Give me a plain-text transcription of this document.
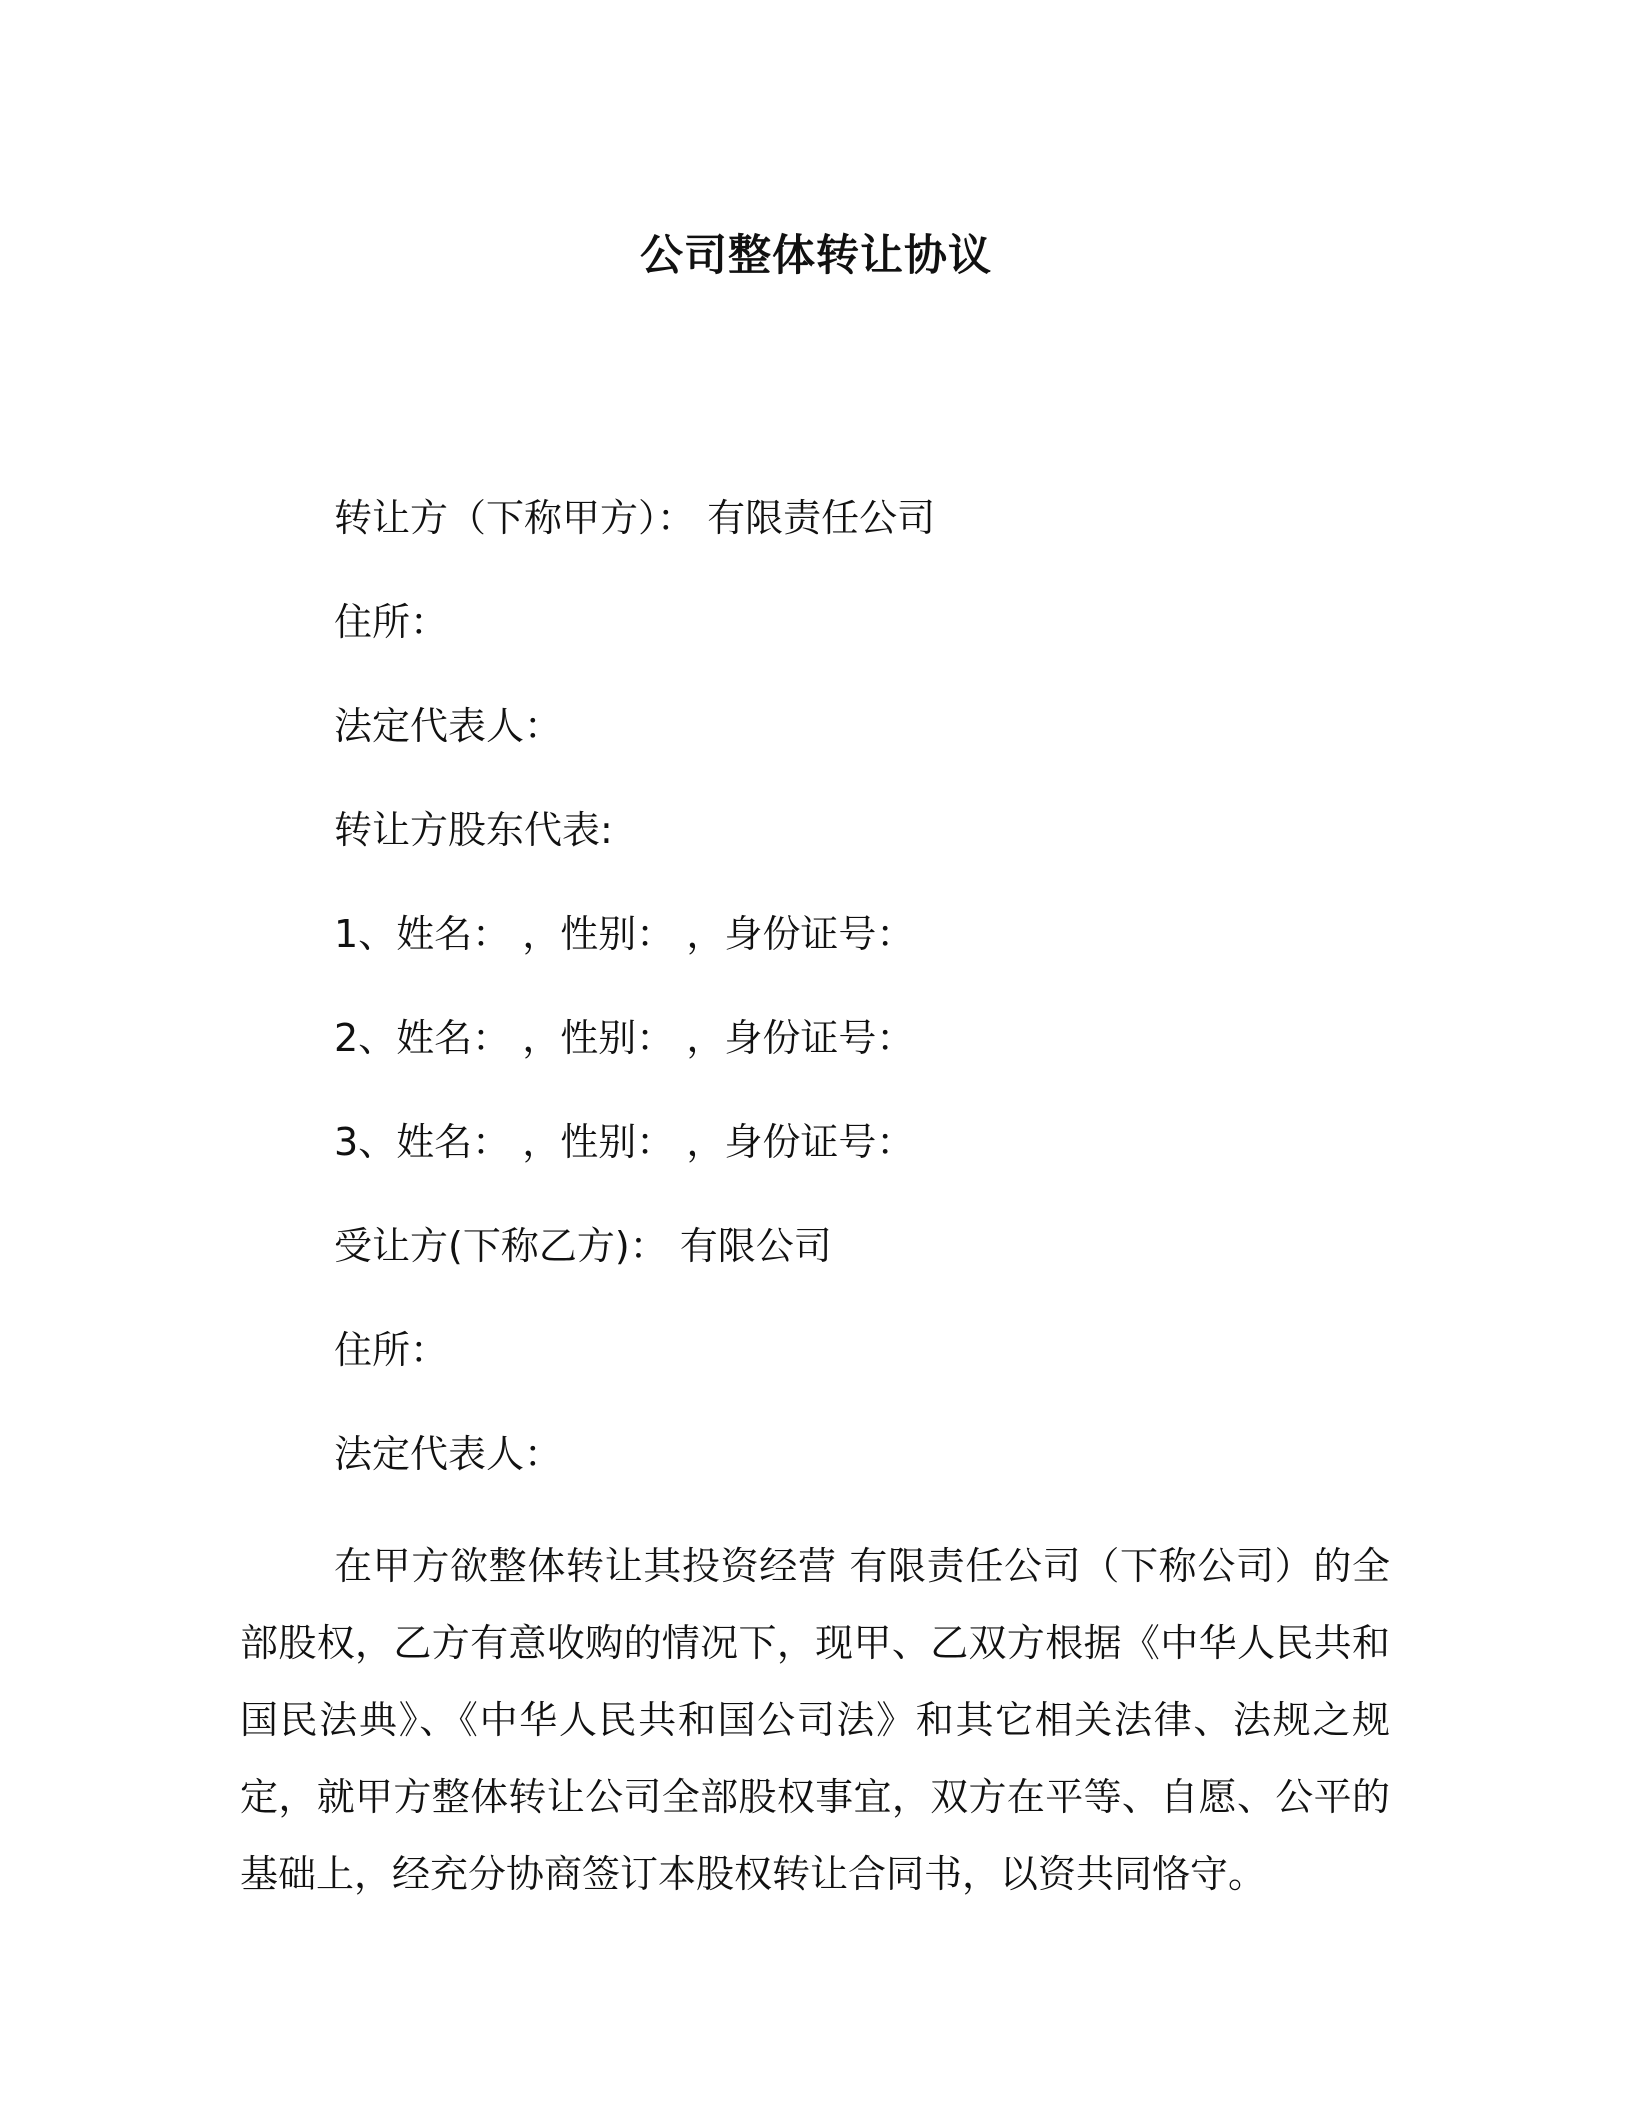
公司整体转让协议
转让方（下称甲方）： 有限责任公司
住所：
法定代表人：
转让方股东代表:
1、姓名： ，性别： ，身份证号：
2、姓名： ，性别： ，身份证号：
3、姓名： ，性别： ，身份证号：
受让方(下称乙方)： 有限公司
住所：
法定代表人：

在甲方欲整体转让其投资经营 有限责任公司（下称公司）的全部股权，乙方有意收购的情况下，现甲、乙双方根据《中华人民共和国民法典》、《中华人民共和国公司法》和其它相关法律、法规之规定，就甲方整体转让公司全部股权事宜，双方在平等、自愿、公平的基础上，经充分协商签订本股权转让合同书，以资共同恪守。
